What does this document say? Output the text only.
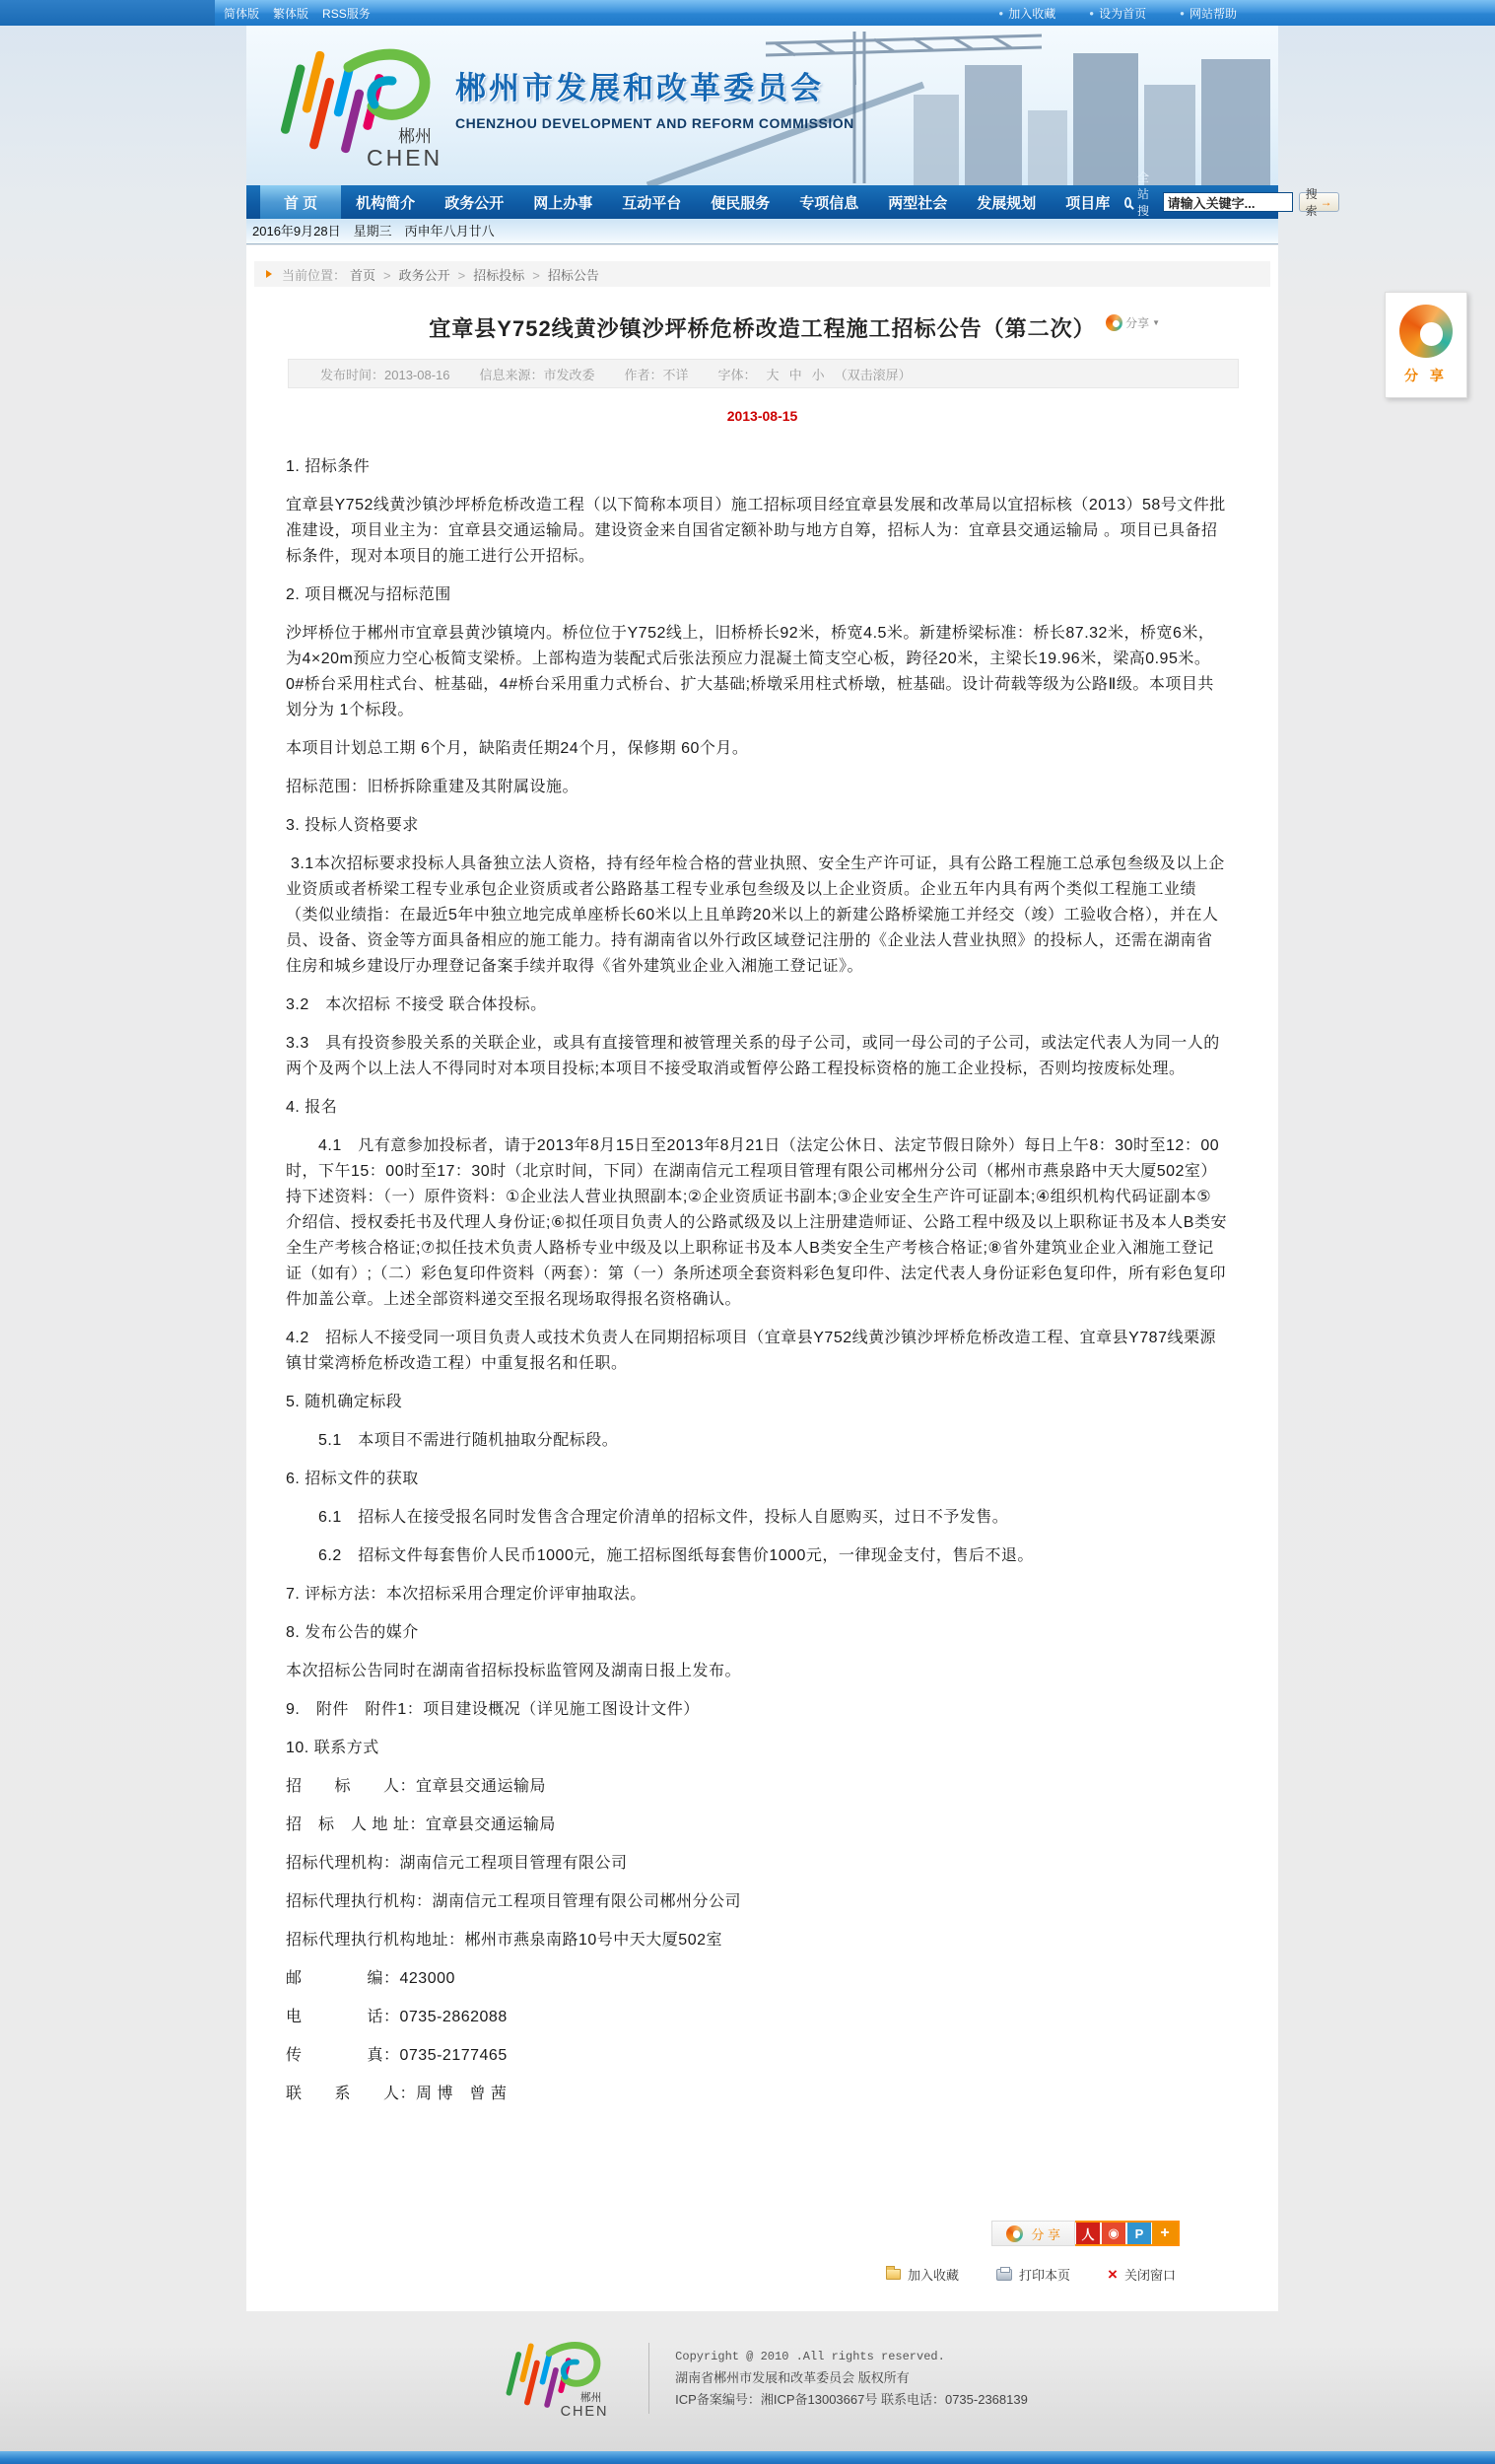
简体版 繁体版 RSS服务	● 加入收藏	● 设为首页	● 网站帮助
郴州
CHEN
郴州市发展和改革委员会
CHENZHOU DEVELOPMENT AND REFORM COMMISSION
首 页	机构简介	政务公开	网上办事	互动平台	便民服务	专项信息	两型社会	发展规划	项目库
全站搜
请输入关键字...
搜索
→
2016年9月28日　星期三　丙申年八月廿八
当前位置： 首页	> 政务公开	> 招标投标	> 招标公告
宜章县Y752线黄沙镇沙坪桥危桥改造工程施工招标公告（第二次）	分享 ▼
发布时间：2013-08-16 信息来源：市发改委 作者：不详 字体： 大 中 小 （双击滚屏）
2013-08-15

1. 招标条件

宜章县Y752线黄沙镇沙坪桥危桥改造工程（以下简称本项目）施工招标项目经宜章县发展和改革局以宜招标核（2013）58号文件批准建设，项目业主为：宜章县交通运输局。建设资金来自国省定额补助与地方自筹，招标人为：宜章县交通运输局 。项目已具备招标条件，现对本项目的施工进行公开招标。

2. 项目概况与招标范围

沙坪桥位于郴州市宜章县黄沙镇境内。桥位位于Y752线上，旧桥桥长92米，桥宽4.5米。新建桥梁标准：桥长87.32米，桥宽6米，为4×20m预应力空心板简支梁桥。上部构造为装配式后张法预应力混凝土简支空心板，跨径20米，主梁长19.96米，梁高0.95米。0#桥台采用柱式台、桩基础，4#桥台采用重力式桥台、扩大基础;桥墩采用柱式桥墩，桩基础。设计荷载等级为公路Ⅱ级。本项目共划分为 1个标段。

本项目计划总工期 6个月，缺陷责任期24个月，保修期 60个月。

招标范围：旧桥拆除重建及其附属设施。

3. 投标人资格要求

3.1本次招标要求投标人具备独立法人资格，持有经年检合格的营业执照、安全生产许可证，具有公路工程施工总承包叁级及以上企业资质或者桥梁工程专业承包企业资质或者公路路基工程专业承包叁级及以上企业资质。企业五年内具有两个类似工程施工业绩（类似业绩指：在最近5年中独立地完成单座桥长60米以上且单跨20米以上的新建公路桥梁施工并经交（竣）工验收合格），并在人员、设备、资金等方面具备相应的施工能力。持有湖南省以外行政区域登记注册的《企业法人营业执照》的投标人，还需在湖南省住房和城乡建设厅办理登记备案手续并取得《省外建筑业企业入湘施工登记证》。

3.2　本次招标 不接受 联合体投标。

3.3　具有投资参股关系的关联企业，或具有直接管理和被管理关系的母子公司，或同一母公司的子公司，或法定代表人为同一人的两个及两个以上法人不得同时对本项目投标;本项目不接受取消或暂停公路工程投标资格的施工企业投标，否则均按废标处理。

4. 报名

　　4.1　凡有意参加投标者，请于2013年8月15日至2013年8月21日（法定公休日、法定节假日除外）每日上午8：30时至12：00时，下午15：00时至17：30时（北京时间，下同）在湖南信元工程项目管理有限公司郴州分公司（郴州市燕泉路中天大厦502室）持下述资料：（一）原件资料：①企业法人营业执照副本;②企业资质证书副本;③企业安全生产许可证副本;④组织机构代码证副本⑤介绍信、授权委托书及代理人身份证;⑥拟任项目负责人的公路贰级及以上注册建造师证、公路工程中级及以上职称证书及本人B类安全生产考核合格证;⑦拟任技术负责人路桥专业中级及以上职称证书及本人B类安全生产考核合格证;⑧省外建筑业企业入湘施工登记证（如有）;（二）彩色复印件资料（两套）：第（一）条所述项全套资料彩色复印件、法定代表人身份证彩色复印件，所有彩色复印件加盖公章。上述全部资料递交至报名现场取得报名资格确认。

4.2　招标人不接受同一项目负责人或技术负责人在同期招标项目（宜章县Y752线黄沙镇沙坪桥危桥改造工程、宜章县Y787线栗源镇甘棠湾桥危桥改造工程）中重复报名和任职。

5. 随机确定标段

　　5.1　本项目不需进行随机抽取分配标段。

6. 招标文件的获取

　　6.1　招标人在接受报名同时发售含合理定价清单的招标文件，投标人自愿购买，过日不予发售。

　　6.2　招标文件每套售价人民币1000元，施工招标图纸每套售价1000元，一律现金支付，售后不退。

7. 评标方法：本次招标采用合理定价评审抽取法。

8. 发布公告的媒介

本次招标公告同时在湖南省招标投标监管网及湖南日报上发布。

9.　附件　附件1：项目建设概况（详见施工图设计文件）

10. 联系方式

招　　标　　人：宜章县交通运输局

招　标　人 地 址：宜章县交通运输局

招标代理机构：湖南信元工程项目管理有限公司

招标代理执行机构：湖南信元工程项目管理有限公司郴州分公司

招标代理执行机构地址：郴州市燕泉南路10号中天大厦502室

邮　　　　编：423000

电　　　　话：0735-2862088

传　　　　真：0735-2177465

联　　系　　人：周 博　曾 茜

分 享	人	◉	P	+
加入收藏	打印本页 × 关闭窗口
分 享
郴州
CHEN
Copyright @ 2010 .All rights reserved.
湖南省郴州市发展和改革委员会 版权所有
ICP备案编号：湘ICP备13003667号 联系电话：0735-2368139
